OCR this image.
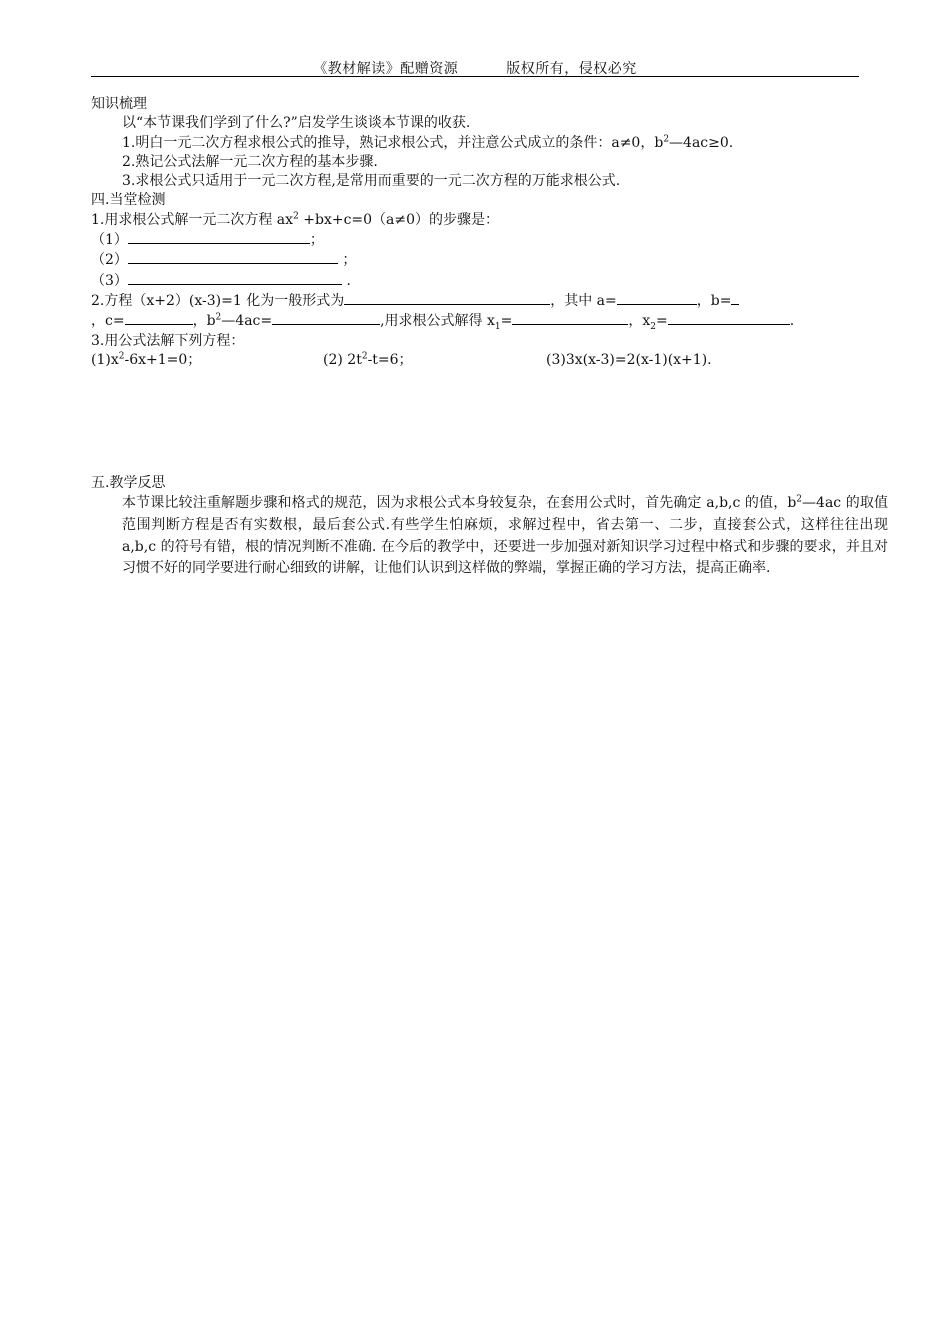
《教材解读》配赠资源	版权所有，侵权必究
知识梳理
以“本节课我们学到了什么?”启发学生谈谈本节课的收获.
1.明白一元二次方程求根公式的推导，熟记求根公式，并注意公式成立的条件：a≠0，$b^2—4ac\ge 0$.
2.熟记公式法解一元二次方程的基本步骤.
3.求根公式只适用于一元二次方程,是常用而重要的一元二次方程的万能求根公式.
四.当堂检测
1.用求根公式解一元二次方程 $ax^2 +bx+c=0(a\ne 0)$的步骤是：
（1）	；
（2）	；
（3）	.
2.方程（x+2）(x-3)=1 化为一般形式为	，其中 a=	，b=
，c=	，$b^2—4ac=$	,用求根公式解得 $x_1=$	，$x_2=$	.
3.用公式法解下列方程：
$(1)x^2-6x+1=0$；	(2) $2t^2-t=6$；	(3)3x(x-3)=2(x-1)(x+1).
五.教学反思
本节课比较注重解题步骤和格式的规范，因为求根公式本身较复杂，在套用公式时，首先确定 a,b,c 的值，$b^2—4ac$ 的取值范围判断方程是否有实数根，最后套公式.有些学生怕麻烦，求解过程中，省去第一、二步，直接套公式，这样往往出现 a,b,c 的符号有错，根的情况判断不准确. 在今后的教学中，还要进一步加强对新知识学习过程中格式和步骤的要求，并且对习惯不好的同学要进行耐心细致的讲解，让他们认识到这样做的弊端，掌握正确的学习方法，提高正确率.
